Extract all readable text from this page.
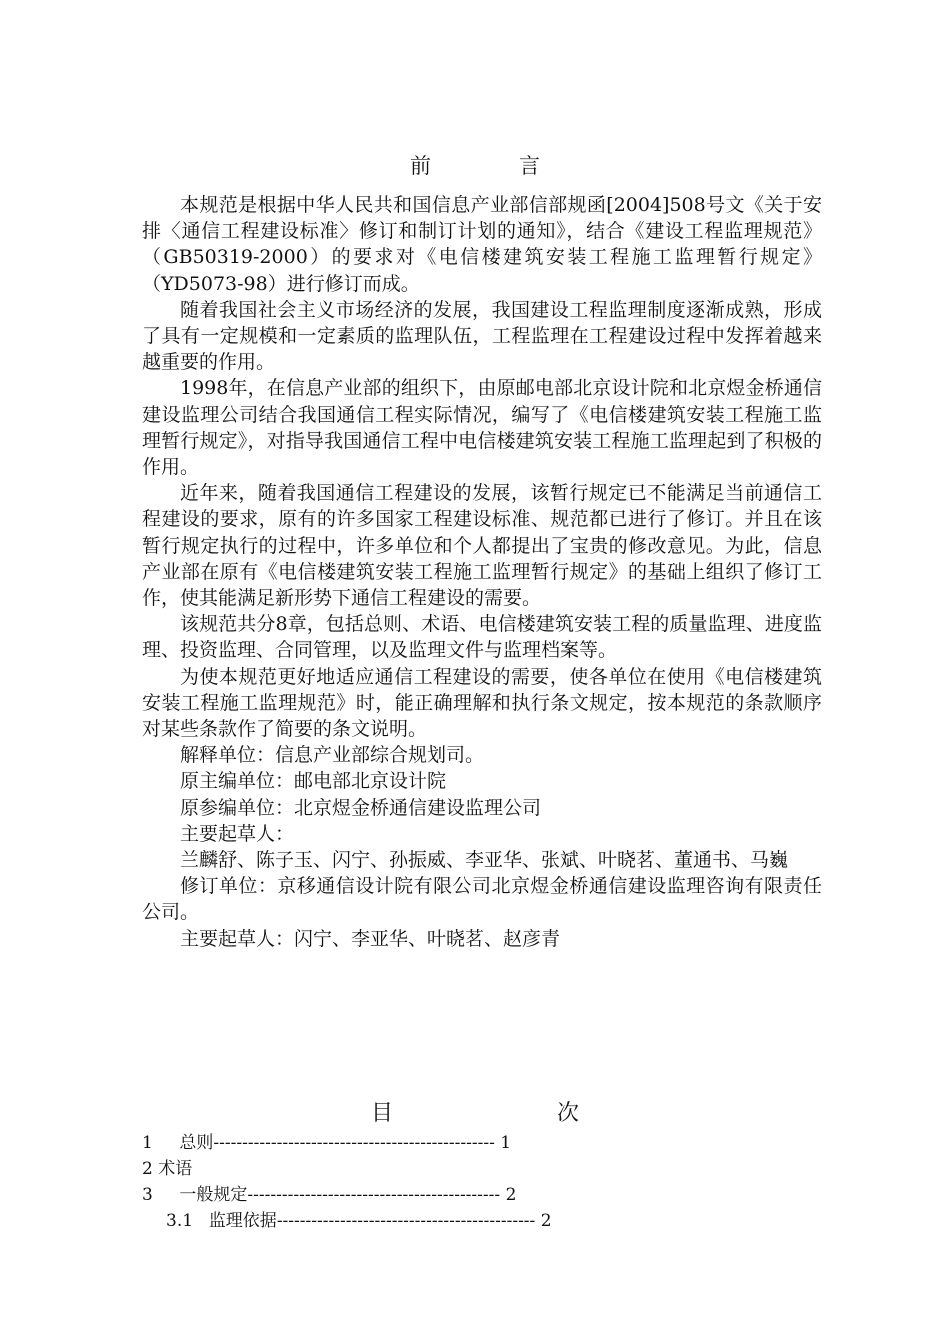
前	言

本规范是根据中华人民共和国信息产业部信部规函[2004]508号文《关于安排〈通信工程建设标准〉修订和制订计划的通知》，结合《建设工程监理规范》（GB50319-2000）的要求对《电信楼建筑安装工程施工监理暂行规定》（YD5073-98）进行修订而成。

随着我国社会主义市场经济的发展，我国建设工程监理制度逐渐成熟，形成了具有一定规模和一定素质的监理队伍，工程监理在工程建设过程中发挥着越来越重要的作用。

1998年，在信息产业部的组织下，由原邮电部北京设计院和北京煜金桥通信建设监理公司结合我国通信工程实际情况，编写了《电信楼建筑安装工程施工监理暂行规定》，对指导我国通信工程中电信楼建筑安装工程施工监理起到了积极的作用。

近年来，随着我国通信工程建设的发展，该暂行规定已不能满足当前通信工程建设的要求，原有的许多国家工程建设标准、规范都已进行了修订。并且在该暂行规定执行的过程中，许多单位和个人都提出了宝贵的修改意见。为此，信息产业部在原有《电信楼建筑安装工程施工监理暂行规定》的基础上组织了修订工作，使其能满足新形势下通信工程建设的需要。

该规范共分8章，包括总则、术语、电信楼建筑安装工程的质量监理、进度监理、投资监理、合同管理，以及监理文件与监理档案等。

为使本规范更好地适应通信工程建设的需要，使各单位在使用《电信楼建筑安装工程施工监理规范》时，能正确理解和执行条文规定，按本规范的条款顺序对某些条款作了简要的条文说明。

解释单位：信息产业部综合规划司。

原主编单位：邮电部北京设计院

原参编单位：北京煜金桥通信建设监理公司

主要起草人：

兰麟舒、陈子玉、闪宁、孙振威、李亚华、张斌、叶晓茗、董通书、马巍

修订单位：京移通信设计院有限公司北京煜金桥通信建设监理咨询有限责任公司。

主要起草人：闪宁、李亚华、叶晓茗、赵彦青

目	次
1 总则------------------------------------------------- 1
2 术语
3 一般规定-------------------------------------------- 2
3.1 监理依据--------------------------------------------- 2
